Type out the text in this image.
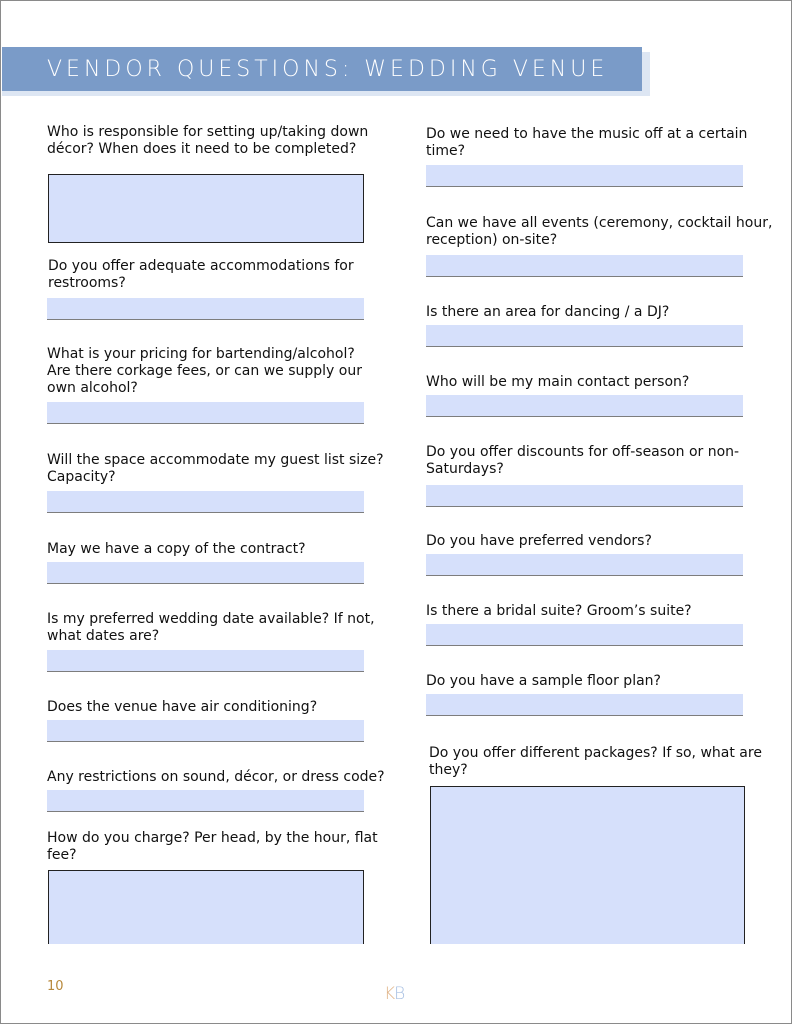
VENDOR QUESTIONS: WEDDING VENUE
Who is responsible for setting up/taking down
décor? When does it need to be completed?
Do you offer adequate accommodations for
restrooms?
What is your pricing for bartending/alcohol?
Are there corkage fees, or can we supply our
own alcohol?
Will the space accommodate my guest list size?
Capacity?
May we have a copy of the contract?
Is my preferred wedding date available? If not,
what dates are?
Does the venue have air conditioning?
Any restrictions on sound, décor, or dress code?
How do you charge? Per head, by the hour, flat
fee?
Do we need to have the music off at a certain
time?
Can we have all events (ceremony, cocktail hour,
reception) on-site?
Is there an area for dancing / a DJ?
Who will be my main contact person?
Do you offer discounts for off-season or non-
Saturdays?
Do you have preferred vendors?
Is there a bridal suite? Groom’s suite?
Do you have a sample floor plan?
Do you offer different packages? If so, what are
they?
10	KB
